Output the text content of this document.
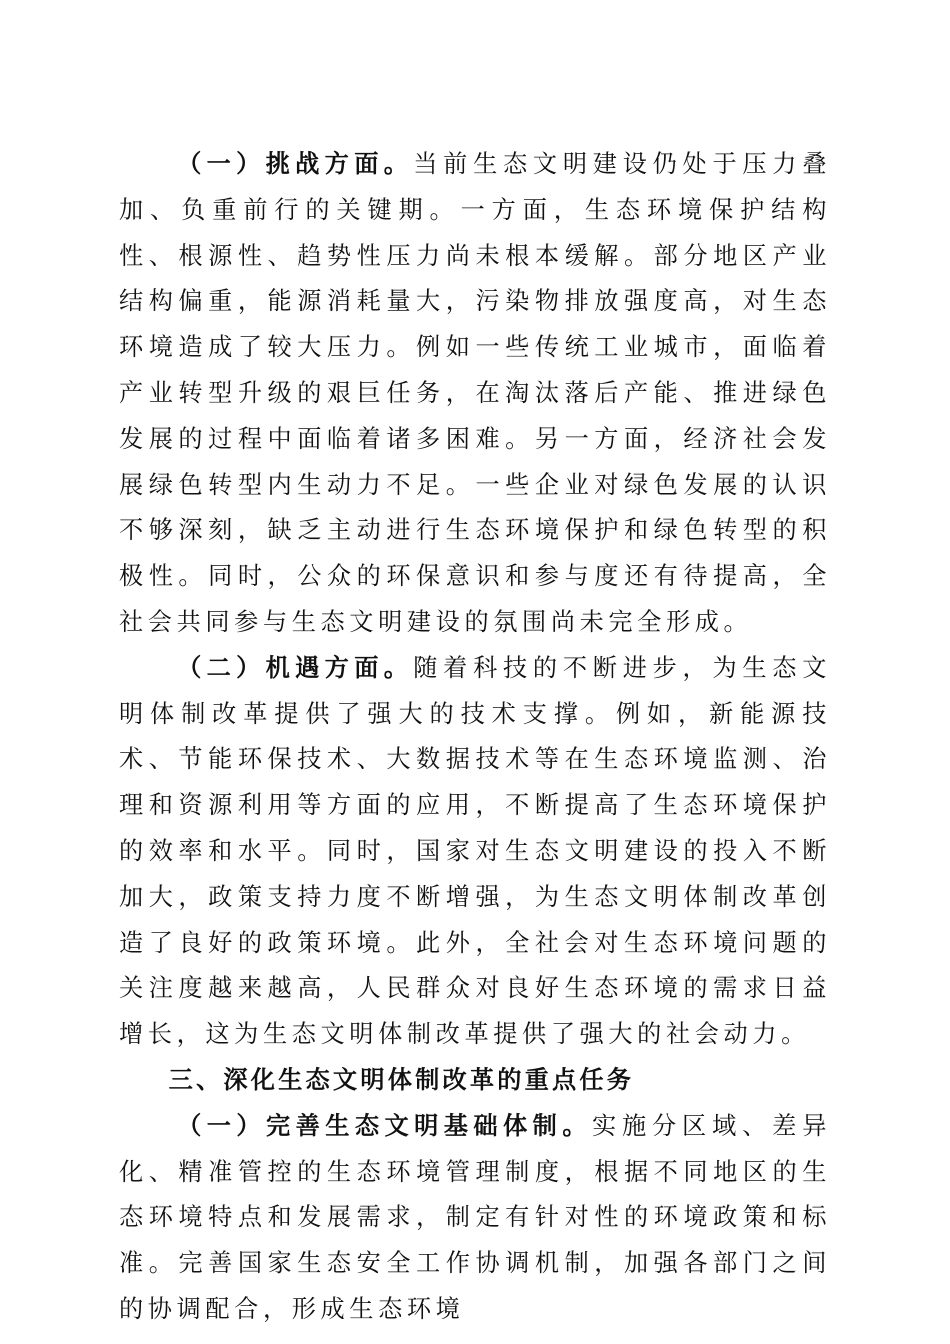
（一）挑战方面。当前生态文明建设仍处于压力叠加、负重前行的关键期。一方面，生态环境保护结构性、根源性、趋势性压力尚未根本缓解。部分地区产业结构偏重，能源消耗量大，污染物排放强度高，对生态环境造成了较大压力。例如一些传统工业城市，面临着产业转型升级的艰巨任务，在淘汰落后产能、推进绿色发展的过程中面临着诸多困难。另一方面，经济社会发展绿色转型内生动力不足。一些企业对绿色发展的认识不够深刻，缺乏主动进行生态环境保护和绿色转型的积极性。同时，公众的环保意识和参与度还有待提高，全社会共同参与生态文明建设的氛围尚未完全形成。

（二）机遇方面。随着科技的不断进步，为生态文明体制改革提供了强大的技术支撑。例如，新能源技术、节能环保技术、大数据技术等在生态环境监测、治理和资源利用等方面的应用，不断提高了生态环境保护的效率和水平。同时，国家对生态文明建设的投入不断加大，政策支持力度不断增强，为生态文明体制改革创造了良好的政策环境。此外，全社会对生态环境问题的关注度越来越高，人民群众对良好生态环境的需求日益增长，这为生态文明体制改革提供了强大的社会动力。

三、深化生态文明体制改革的重点任务

（一）完善生态文明基础体制。实施分区域、差异化、精准管控的生态环境管理制度，根据不同地区的生态环境特点和发展需求，制定有针对性的环境政策和标准。完善国家生态安全工作协调机制，加强各部门之间的协调配合，形成生态环境
